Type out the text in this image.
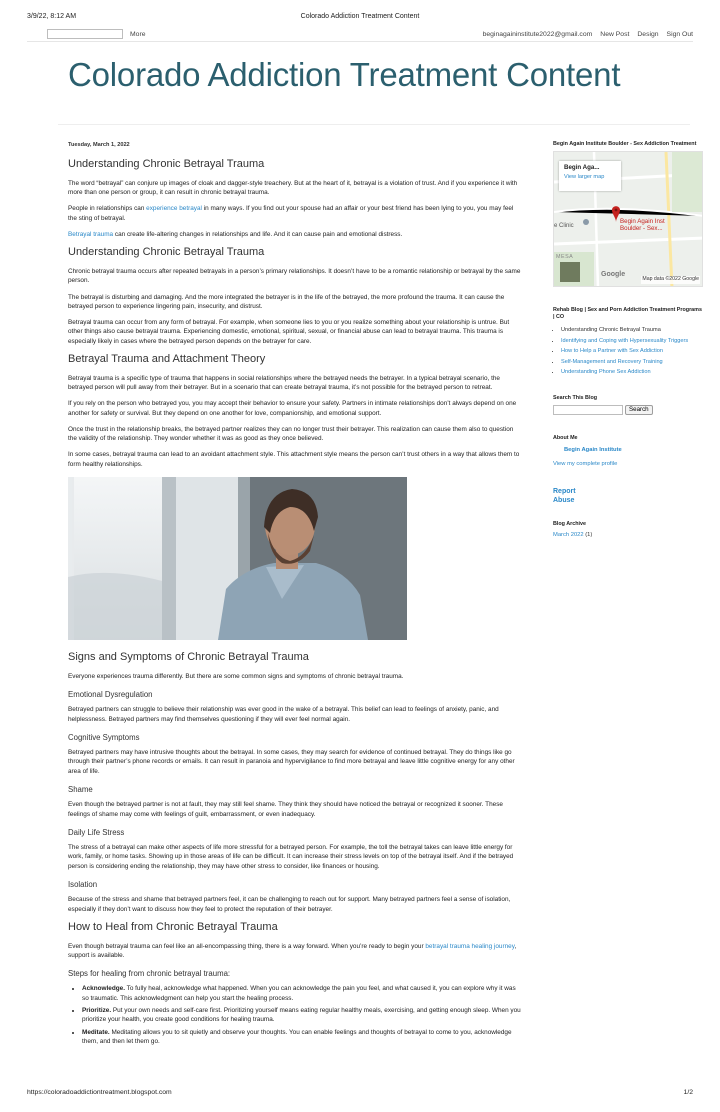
3/9/22, 8:12 AM	Colorado Addiction Treatment Content
More	beginagaininstitute2022@gmail.com New Post Design Sign Out
Colorado Addiction Treatment Content
Tuesday, March 1, 2022
Understanding Chronic Betrayal Trauma

The word “betrayal” can conjure up images of cloak and dagger-style treachery. But at the heart of it, betrayal is a violation of trust. And if you experience it with more than one person or group, it can result in chronic betrayal trauma.

People in relationships can experience betrayal in many ways. If you find out your spouse had an affair or your best friend has been lying to you, you may feel the sting of betrayal.

Betrayal trauma can create life-altering changes in relationships and life. And it can cause pain and emotional distress.

Understanding Chronic Betrayal Trauma

Chronic betrayal trauma occurs after repeated betrayals in a person’s primary relationships. It doesn’t have to be a romantic relationship or betrayal by the same person.

The betrayal is disturbing and damaging. And the more integrated the betrayer is in the life of the betrayed, the more profound the trauma. It can cause the betrayed person to experience lingering pain, insecurity, and distrust.

Betrayal trauma can occur from any form of betrayal. For example, when someone lies to you or you realize something about your relationship is untrue. But other things also cause betrayal trauma. Experiencing domestic, emotional, spiritual, sexual, or financial abuse can lead to betrayal trauma. This trauma is especially likely in cases where the betrayed person depends on the betrayer for care.

Betrayal Trauma and Attachment Theory

Betrayal trauma is a specific type of trauma that happens in social relationships where the betrayed needs the betrayer. In a typical betrayal scenario, the betrayed person will pull away from their betrayer. But in a scenario that can create betrayal trauma, it’s not possible for the betrayed person to retreat.

If you rely on the person who betrayed you, you may accept their behavior to ensure your safety. Partners in intimate relationships don’t always depend on one another for safety or survival. But they depend on one another for love, companionship, and emotional support.

Once the trust in the relationship breaks, the betrayed partner realizes they can no longer trust their betrayer. This realization can cause them also to question the validity of the relationship. They wonder whether it was as good as they once believed.

In some cases, betrayal trauma can lead to an avoidant attachment style. This attachment style means the person can’t trust others in a way that allows them to form healthy relationships.

Signs and Symptoms of Chronic Betrayal Trauma

Everyone experiences trauma differently. But there are some common signs and symptoms of chronic betrayal trauma.

Emotional Dysregulation

Betrayed partners can struggle to believe their relationship was ever good in the wake of a betrayal. This belief can lead to feelings of anxiety, panic, and helplessness. Betrayed partners may find themselves questioning if they will ever feel normal again.

Cognitive Symptoms

Betrayed partners may have intrusive thoughts about the betrayal. In some cases, they may search for evidence of continued betrayal. They do things like go through their partner’s phone records or emails. It can result in paranoia and hypervigilance to find more betrayal and leave little cognitive energy for any other area of life.

Shame

Even though the betrayed partner is not at fault, they may still feel shame. They think they should have noticed the betrayal or recognized it sooner. These feelings of shame may come with feelings of guilt, embarrassment, or even inadequacy.

Daily Life Stress

The stress of a betrayal can make other aspects of life more stressful for a betrayed person. For example, the toll the betrayal takes can leave little energy for work, family, or home tasks. Showing up in those areas of life can be difficult. It can increase their stress levels on top of the betrayal itself. And if the betrayed person is considering ending the relationship, they may have other stress to consider, like finances or housing.

Isolation

Because of the stress and shame that betrayed partners feel, it can be challenging to reach out for support. Many betrayed partners feel a sense of isolation, especially if they don’t want to discuss how they feel to protect the reputation of their betrayer.

How to Heal from Chronic Betrayal Trauma

Even though betrayal trauma can feel like an all-encompassing thing, there is a way forward. When you’re ready to begin your betrayal trauma healing journey, support is available.

Steps for healing from chronic betrayal trauma:
• Acknowledge. To fully heal, acknowledge what happened. When you can acknowledge the pain you feel, and what caused it, you can explore why it was so traumatic. This acknowledgment can help you start the healing process.
• Prioritize. Put your own needs and self-care first. Prioritizing yourself means eating regular healthy meals, exercising, and getting enough sleep. When you prioritize your health, you create good conditions for healing trauma.
• Meditate. Meditating allows you to sit quietly and observe your thoughts. You can enable feelings and thoughts of betrayal to come to you, acknowledge them, and then let them go.
Begin Again Institute Boulder - Sex Addiction Treatment
Begin Aga...
View larger map
e Clinic
Begin Again Inst
Boulder - Sex...
MESA
Google
Map data ©2022 Google
Rehab Blog | Sex and Porn Addiction Treatment Programs | CO
• Understanding Chronic Betrayal Trauma
• Identifying and Coping with Hypersexuality Triggers
• How to Help a Partner with Sex Addiction
• Self-Management and Recovery Training
• Understanding Phone Sex Addiction
Search This Blog
Search
About Me
Begin Again Institute
View my complete profile
Report
Abuse
Blog Archive
March 2022 (1)
https://coloradoaddictiontreatment.blogspot.com	1/2
